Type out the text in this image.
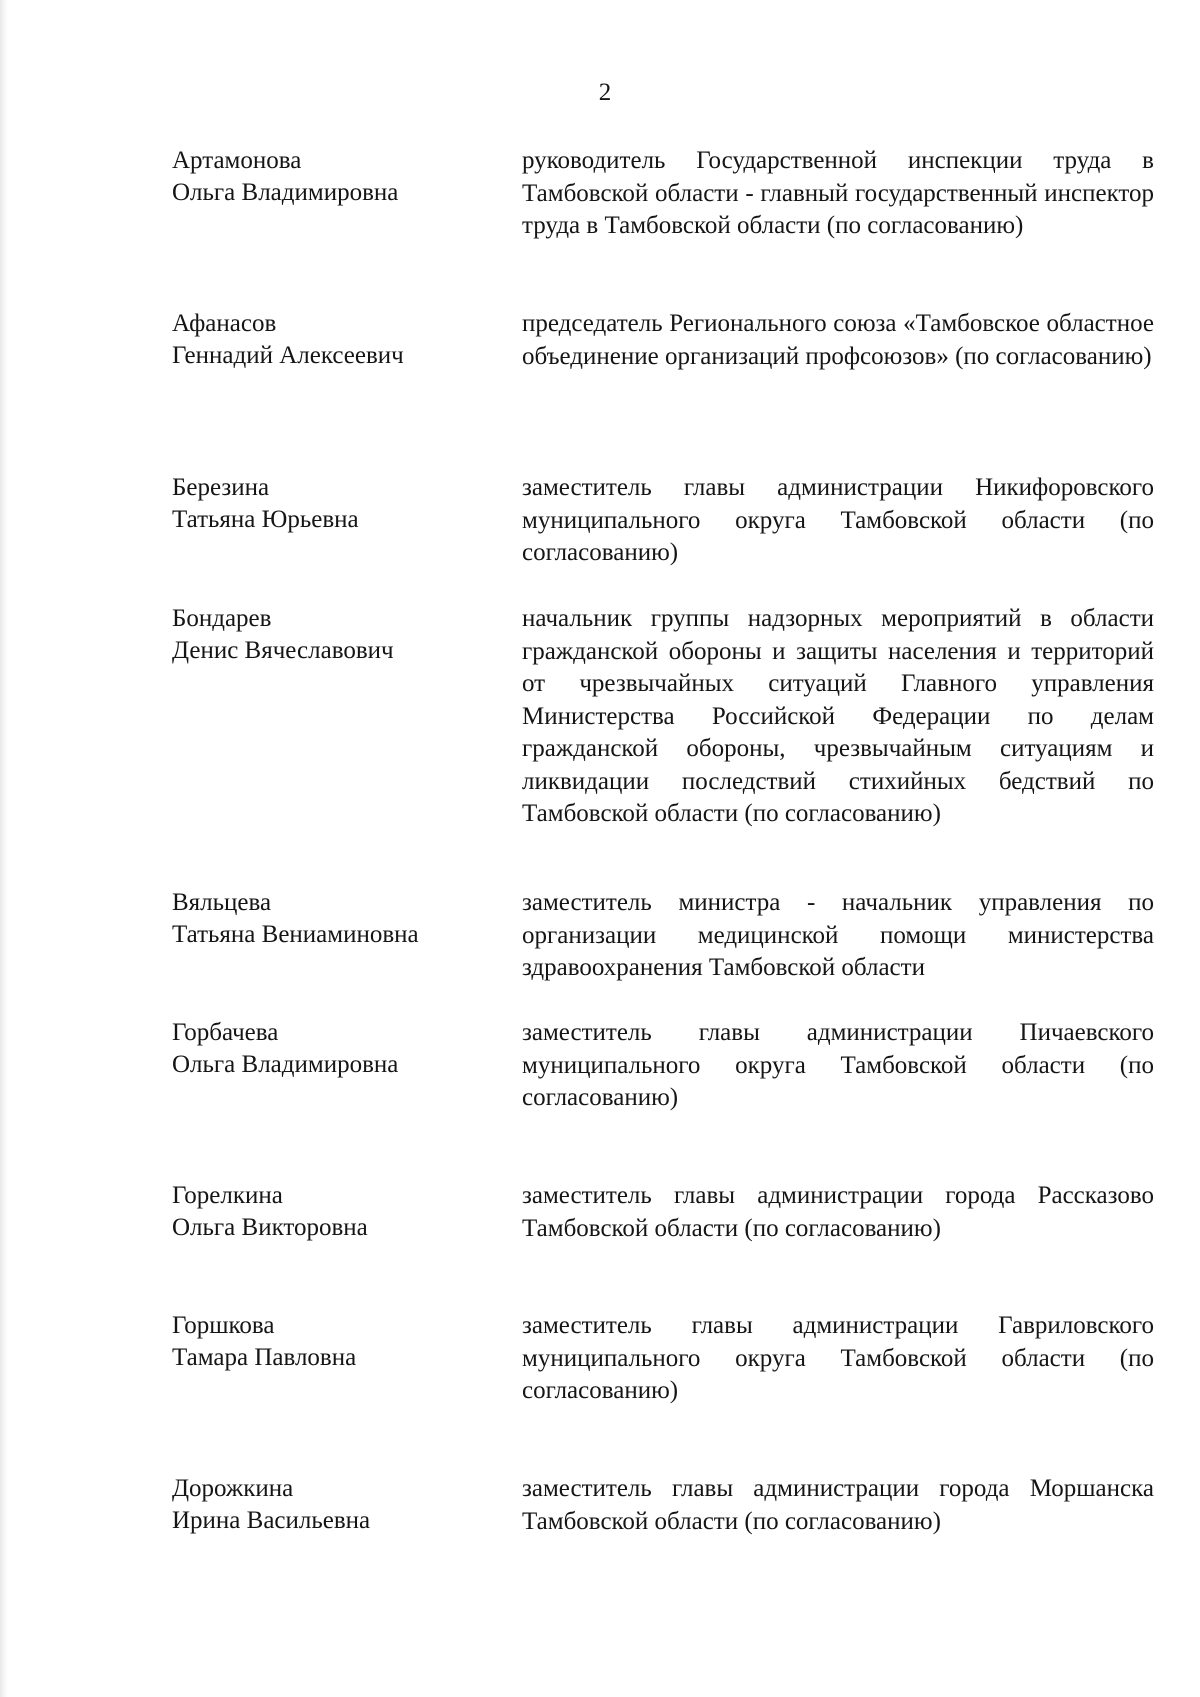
2
Артамонова
Ольга Владимировна
руководитель Государственной инспекции труда в Тамбовской области - главный государственный инспектор труда в Тамбовской области (по согласованию)
Афанасов
Геннадий Алексеевич
председатель Регионального союза «Тамбовское областное объединение организаций профсоюзов» (по согласованию)
Березина
Татьяна Юрьевна
заместитель главы администрации Никифоровского муниципального округа Тамбовской области (по согласованию)
Бондарев
Денис Вячеславович
начальник группы надзорных мероприятий в области гражданской обороны и защиты населения и территорий от чрезвычайных ситуаций Главного управления Министерства Российской Федерации по делам гражданской обороны, чрезвычайным ситуациям и ликвидации последствий стихийных бедствий по Тамбовской области (по согласованию)
Вяльцева
Татьяна Вениаминовна
заместитель министра - начальник управления по организации медицинской помощи министерства здравоохранения Тамбовской области
Горбачева
Ольга Владимировна
заместитель главы администрации Пичаевского муниципального округа Тамбовской области (по согласованию)
Горелкина
Ольга Викторовна
заместитель главы администрации города Рассказово Тамбовской области (по согласованию)
Горшкова
Тамара Павловна
заместитель главы администрации Гавриловского муниципального округа Тамбовской области (по согласованию)
Дорожкина
Ирина Васильевна
заместитель главы администрации города Моршанска Тамбовской области (по согласованию)
